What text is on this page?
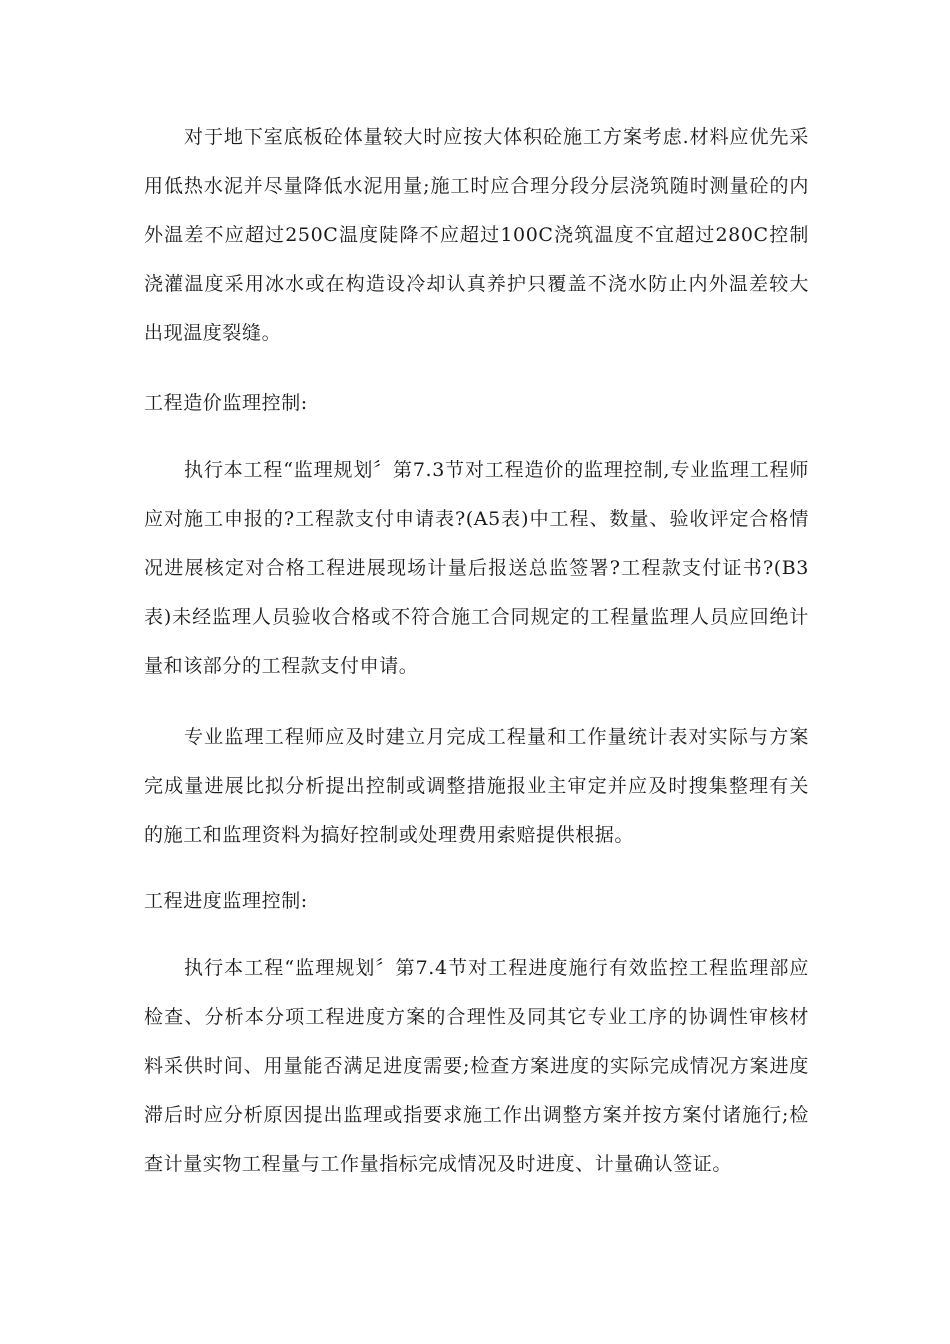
对于地下室底板砼体量较大时应按大体积砼施工方案考虑.材料应优先采用低热水泥并尽量降低水泥用量;施工时应合理分段分层浇筑随时测量砼的内外温差不应超过250C温度陡降不应超过100C浇筑温度不宜超过280C控制浇灌温度采用冰水或在构造设冷却认真养护只覆盖不浇水防止内外温差较大出现温度裂缝。

工程造价监理控制:

执行本工程“监理规划〞第7.3节对工程造价的监理控制,专业监理工程师应对施工申报的?工程款支付申请表?(A5表)中工程、数量、验收评定合格情况进展核定对合格工程进展现场计量后报送总监签署?工程款支付证书?(B3表)未经监理人员验收合格或不符合施工合同规定的工程量监理人员应回绝计量和该部分的工程款支付申请。

专业监理工程师应及时建立月完成工程量和工作量统计表对实际与方案完成量进展比拟分析提出控制或调整措施报业主审定并应及时搜集整理有关的施工和监理资料为搞好控制或处理费用索赔提供根据。

工程进度监理控制:

执行本工程“监理规划〞第7.4节对工程进度施行有效监控工程监理部应检查、分析本分项工程进度方案的合理性及同其它专业工序的协调性审核材料采供时间、用量能否满足进度需要;检查方案进度的实际完成情况方案进度滞后时应分析原因提出监理或指要求施工作出调整方案并按方案付诸施行;检查计量实物工程量与工作量指标完成情况及时进度、计量确认签证。
